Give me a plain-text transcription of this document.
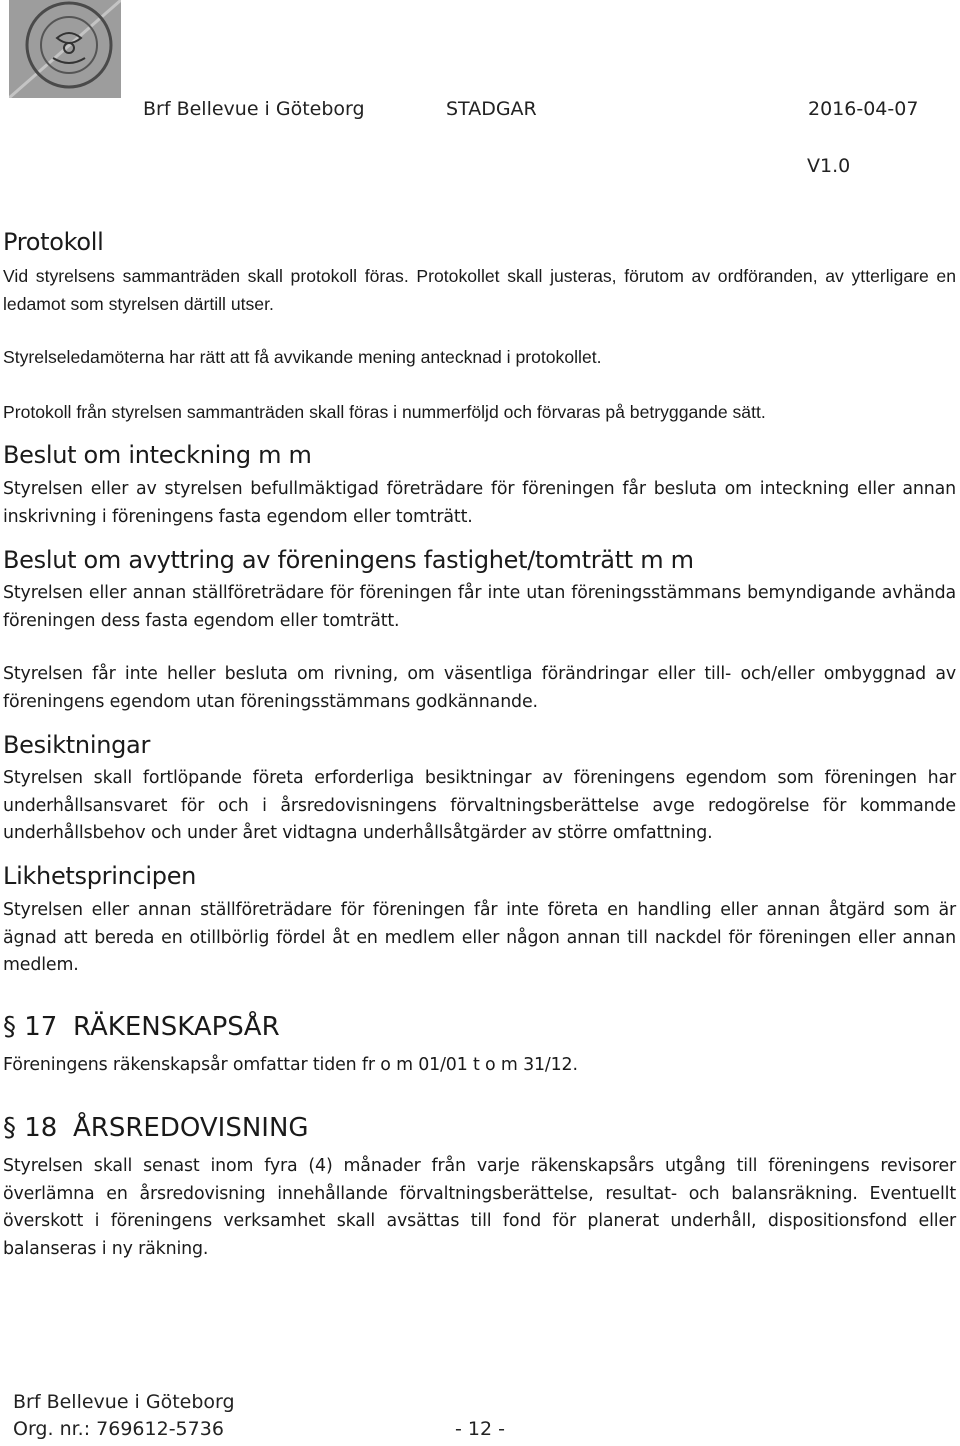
Brf Bellevue i Göteborg	STADGAR	2016-04-07
V1.0
Protokoll

Vid styrelsens sammanträden skall protokoll föras. Protokollet skall justeras, förutom av ordföranden, av ytterligare en ledamot som styrelsen därtill utser.

Styrelseledamöterna har rätt att få avvikande mening antecknad i protokollet.

Protokoll från styrelsen sammanträden skall föras i nummerföljd och förvaras på betryggande sätt.

Beslut om inteckning m m

Styrelsen eller av styrelsen befullmäktigad företrädare för föreningen får besluta om inteckning eller annan inskrivning i föreningens fasta egendom eller tomträtt.

Beslut om avyttring av föreningens fastighet/tomträtt m m

Styrelsen eller annan ställföreträdare för föreningen får inte utan föreningsstämmans bemyndigande avhända föreningen dess fasta egendom eller tomträtt.

Styrelsen får inte heller besluta om rivning, om väsentliga förändringar eller till- och/eller ombyggnad av föreningens egendom utan föreningsstämmans godkännande.

Besiktningar

Styrelsen skall fortlöpande företa erforderliga besiktningar av föreningens egendom som föreningen har underhållsansvaret för och i årsredovisningens förvaltningsberättelse avge redogörelse för kommande underhållsbehov och under året vidtagna underhållsåtgärder av större omfattning.

Likhetsprincipen

Styrelsen eller annan ställföreträdare för föreningen får inte företa en handling eller annan åtgärd som är ägnad att bereda en otillbörlig fördel åt en medlem eller någon annan till nackdel för föreningen eller annan medlem.

§ 17 RÄKENSKAPSÅR

Föreningens räkenskapsår omfattar tiden fr o m 01/01 t o m 31/12.

§ 18 ÅRSREDOVISNING

Styrelsen skall senast inom fyra (4) månader från varje räkenskapsårs utgång till föreningens revisorer överlämna en årsredovisning innehållande förvaltningsberättelse, resultat- och balansräkning. Eventuellt överskott i föreningens verksamhet skall avsättas till fond för planerat underhåll, dispositionsfond eller balanseras i ny räkning.

Brf Bellevue i Göteborg
Org. nr.: 769612-5736	- 12 -
